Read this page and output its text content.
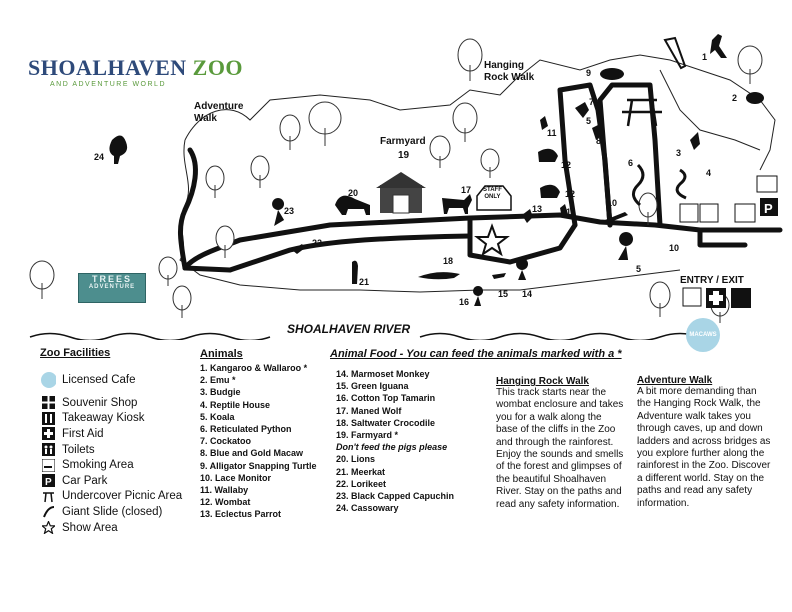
P
SHOALHAVEN ZOO
AND ADVENTURE WORLD
Adventure
Walk
Hanging
Rock Walk
Farmyard
19
STAFF
ONLY
ENTRY / EXIT
SHOALHAVEN RIVER
TREES
ADVENTURE
MACAWS
1
2
3
4
5
5
6
7
8
9
10
10
11
11
12
12
13
14
15
16
17
18
20
21
22
23
24
Zoo Facilities
Licensed Cafe
Souvenir Shop
Takeaway Kiosk
First Aid
Toilets
Smoking Area
P Car Park
Undercover Picnic Area
Giant Slide (closed)
Show Area
Animals
1. Kangaroo & Wallaroo *
2. Emu *
3. Budgie
4. Reptile House
5. Koala
6. Reticulated Python
7. Cockatoo
8. Blue and Gold Macaw
9. Alligator Snapping Turtle
10. Lace Monitor
11. Wallaby
12. Wombat
13. Eclectus Parrot
Animal Food - You can feed the animals marked with a *
14. Marmoset Monkey
15. Green Iguana
16. Cotton Top Tamarin
17. Maned Wolf
18. Saltwater Crocodile
19. Farmyard *
Don't feed the pigs please
20. Lions
21. Meerkat
22. Lorikeet
23. Black Capped Capuchin
24. Cassowary
Hanging Rock Walk
This track starts near the wombat enclosure and takes you for a walk along the base of the cliffs in the Zoo and through the rainforest. Enjoy the sounds and smells of the forest and glimpses of the beautiful Shoalhaven River. Stay on the paths and read any safety information.
Adventure Walk
A bit more demanding than the Hanging Rock Walk, the Adventure walk takes you through caves, up and down ladders and across bridges as you explore further along the rainforest in the Zoo. Discover a different world. Stay on the paths and read any safety information.
